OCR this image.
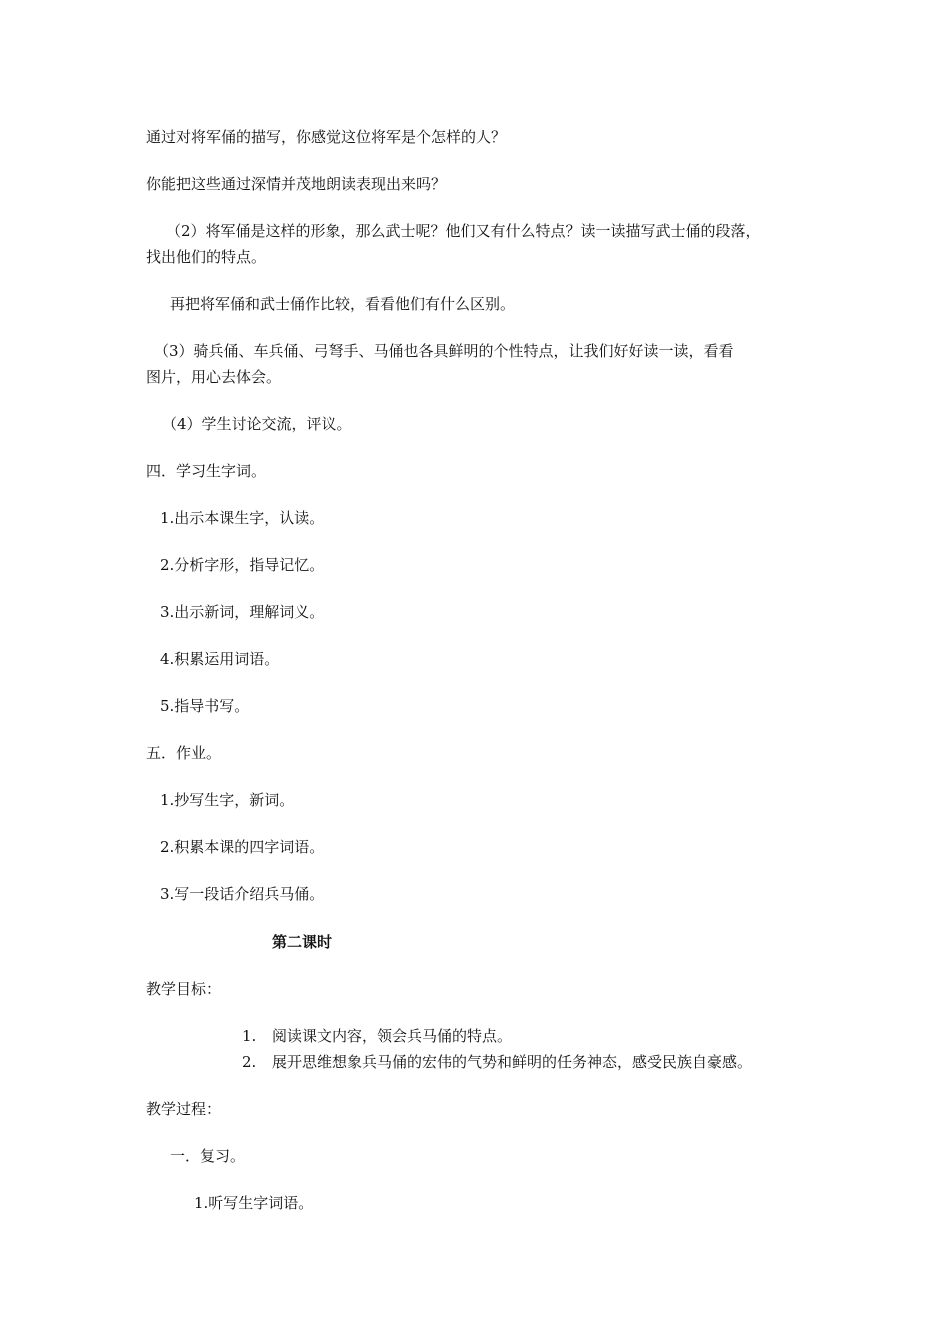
通过对将军俑的描写，你感觉这位将军是个怎样的人？
你能把这些通过深情并茂地朗读表现出来吗？
（2）将军俑是这样的形象，那么武士呢？他们又有什么特点？读一读描写武士俑的段落，
找出他们的特点。
再把将军俑和武士俑作比较，看看他们有什么区别。
（3）骑兵俑、车兵俑、弓弩手、马俑也各具鲜明的个性特点，让我们好好读一读，看看
图片，用心去体会。
（4）学生讨论交流，评议。
四．学习生字词。
1.出示本课生字，认读。
2.分析字形，指导记忆。
3.出示新词，理解词义。
4.积累运用词语。
5.指导书写。
五．作业。
1.抄写生字，新词。
2.积累本课的四字词语。
3.写一段话介绍兵马俑。
第二课时
教学目标：
1. 阅读课文内容，领会兵马俑的特点。
2. 展开思维想象兵马俑的宏伟的气势和鲜明的任务神态，感受民族自豪感。
教学过程：
一．复习。
1.听写生字词语。
